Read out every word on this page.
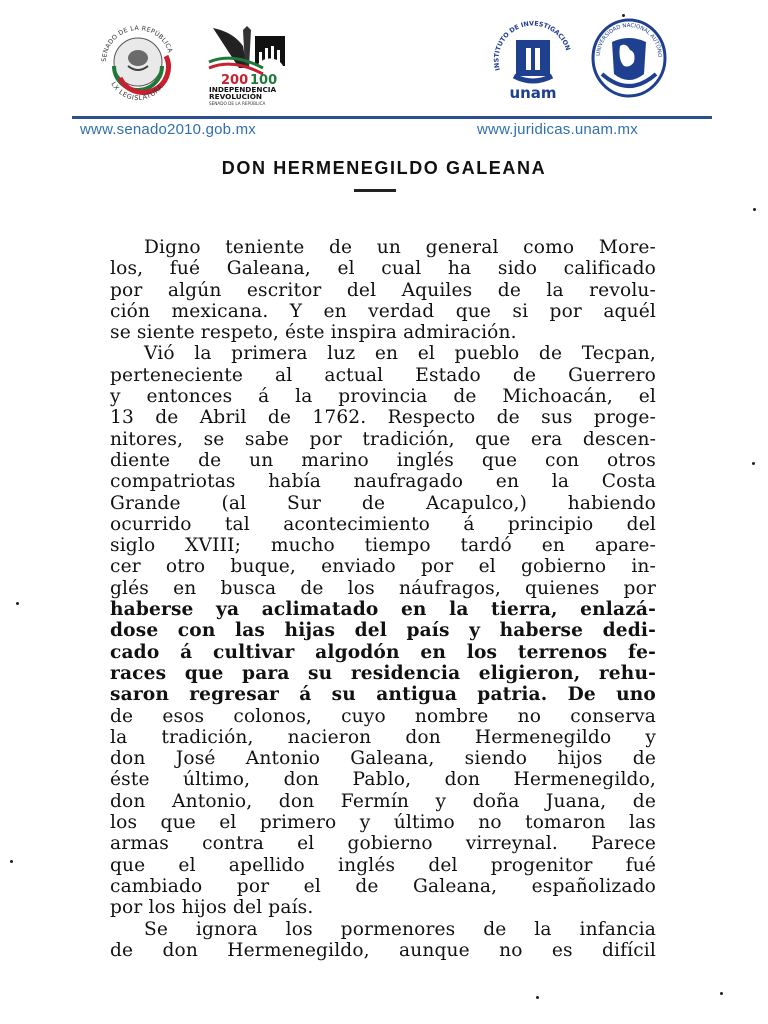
SENADO DE LA REPÚBLICA
LX LEGISLATURA	200 100
INDEPENDENCIA
REVOLUCIÓN
SENADO DE LA REPÚBLICA
INSTITUTO DE INVESTIGACION
unam
UNIVERSIDAD NACIONAL AUTÓNO
www.senado2010.gob.mx	www.juridicas.unam.mx
DON HERMENEGILDO GALEANA
Digno teniente de un general como More-
los, fué Galeana, el cual ha sido calificado
por algún escritor del Aquiles de la revolu-
ción mexicana. Y en verdad que si por aquél
se siente respeto, éste inspira admiración.
Vió la primera luz en el pueblo de Tecpan,
perteneciente al actual Estado de Guerrero
y entonces á la provincia de Michoacán, el
13 de Abril de 1762. Respecto de sus proge-
nitores, se sabe por tradición, que era descen-
diente de un marino inglés que con otros
compatriotas había naufragado en la Costa
Grande (al Sur de Acapulco,) habiendo
ocurrido tal acontecimiento á principio del
siglo XVIII; mucho tiempo tardó en apare-
cer otro buque, enviado por el gobierno in-
glés en busca de los náufragos, quienes por
haberse ya aclimatado en la tierra, enlazá-
dose con las hijas del país y haberse dedi-
cado á cultivar algodón en los terrenos fe-
races que para su residencia eligieron, rehu-
saron regresar á su antigua patria. De uno
de esos colonos, cuyo nombre no conserva
la tradición, nacieron don Hermenegildo y
don José Antonio Galeana, siendo hijos de
éste último, don Pablo, don Hermenegildo,
don Antonio, don Fermín y doña Juana, de
los que el primero y último no tomaron las
armas contra el gobierno virreynal. Parece
que el apellido inglés del progenitor fué
cambiado por el de Galeana, españolizado
por los hijos del país.
Se ignora los pormenores de la infancia
de don Hermenegildo, aunque no es difícil
